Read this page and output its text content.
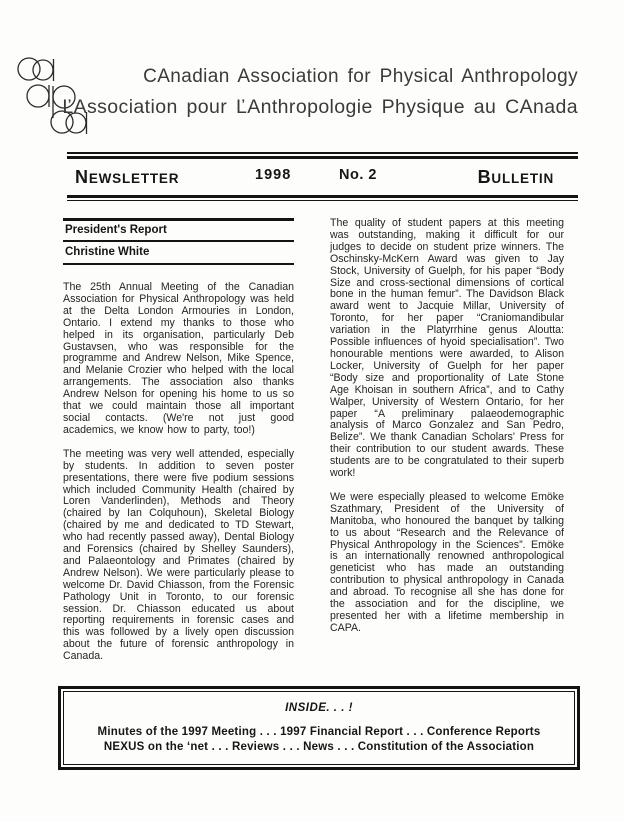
CAnadian Association for Physical Anthropology
ĽAssociation pour ĽAnthropologie Physique au CAnada
NEWSLETTER	1998	No. 2	BULLETIN
President's Report
Christine White

The 25th Annual Meeting of the Canadian Association for Physical Anthropology was held at the Delta London Armouries in London, Ontario. I extend my thanks to those who helped in its organisation, particularly Deb Gustavsen, who was responsible for the programme and Andrew Nelson, Mike Spence, and Melanie Crozier who helped with the local arrangements. The association also thanks Andrew Nelson for opening his home to us so that we could maintain those all important social contacts. (We're not just good academics, we know how to party, too!)

The meeting was very well attended, especially by students. In addition to seven poster presentations, there were five podium sessions which included Community Health (chaired by Loren Vanderlinden), Methods and Theory (chaired by Ian Colquhoun), Skeletal Biology (chaired by me and dedicated to TD Stewart, who had recently passed away), Dental Biology and Forensics (chaired by Shelley Saunders), and Palaeontology and Primates (chaired by Andrew Nelson). We were particularly please to welcome Dr. David Chiasson, from the Forensic Pathology Unit in Toronto, to our forensic session. Dr. Chiasson educated us about reporting requirements in forensic cases and this was followed by a lively open discussion about the future of forensic anthropology in Canada.

The quality of student papers at this meeting was outstanding, making it difficult for our judges to decide on student prize winners. The Oschinsky-McKern Award was given to Jay Stock, University of Guelph, for his paper “Body Size and cross-sectional dimensions of cortical bone in the human femur”. The Davidson Black award went to Jacquie Millar, University of Toronto, for her paper “Craniomandibular variation in the Platyrrhine genus Aloutta: Possible influences of hyoid specialisation”. Two honourable mentions were awarded, to Alison Locker, University of Guelph for her paper “Body size and proportionality of Late Stone Age Khoisan in southern Africa”, and to Cathy Walper, University of Western Ontario, for her paper “A preliminary palaeodemographic analysis of Marco Gonzalez and San Pedro, Belize”. We thank Canadian Scholars' Press for their contribution to our student awards. These students are to be congratulated to their superb work!

We were especially pleased to welcome Emöke Szathmary, President of the University of Manitoba, who honoured the banquet by talking to us about “Research and the Relevance of Physical Anthropology in the Sciences”. Emöke is an internationally renowned anthropological geneticist who has made an outstanding contribution to physical anthropology in Canada and abroad. To recognise all she has done for the association and for the discipline, we presented her with a lifetime membership in CAPA.

INSIDE. . . !
Minutes of the 1997 Meeting . . . 1997 Financial Report . . . Conference Reports
NEXUS on the ‘net . . . Reviews . . . News . . . Constitution of the Association
